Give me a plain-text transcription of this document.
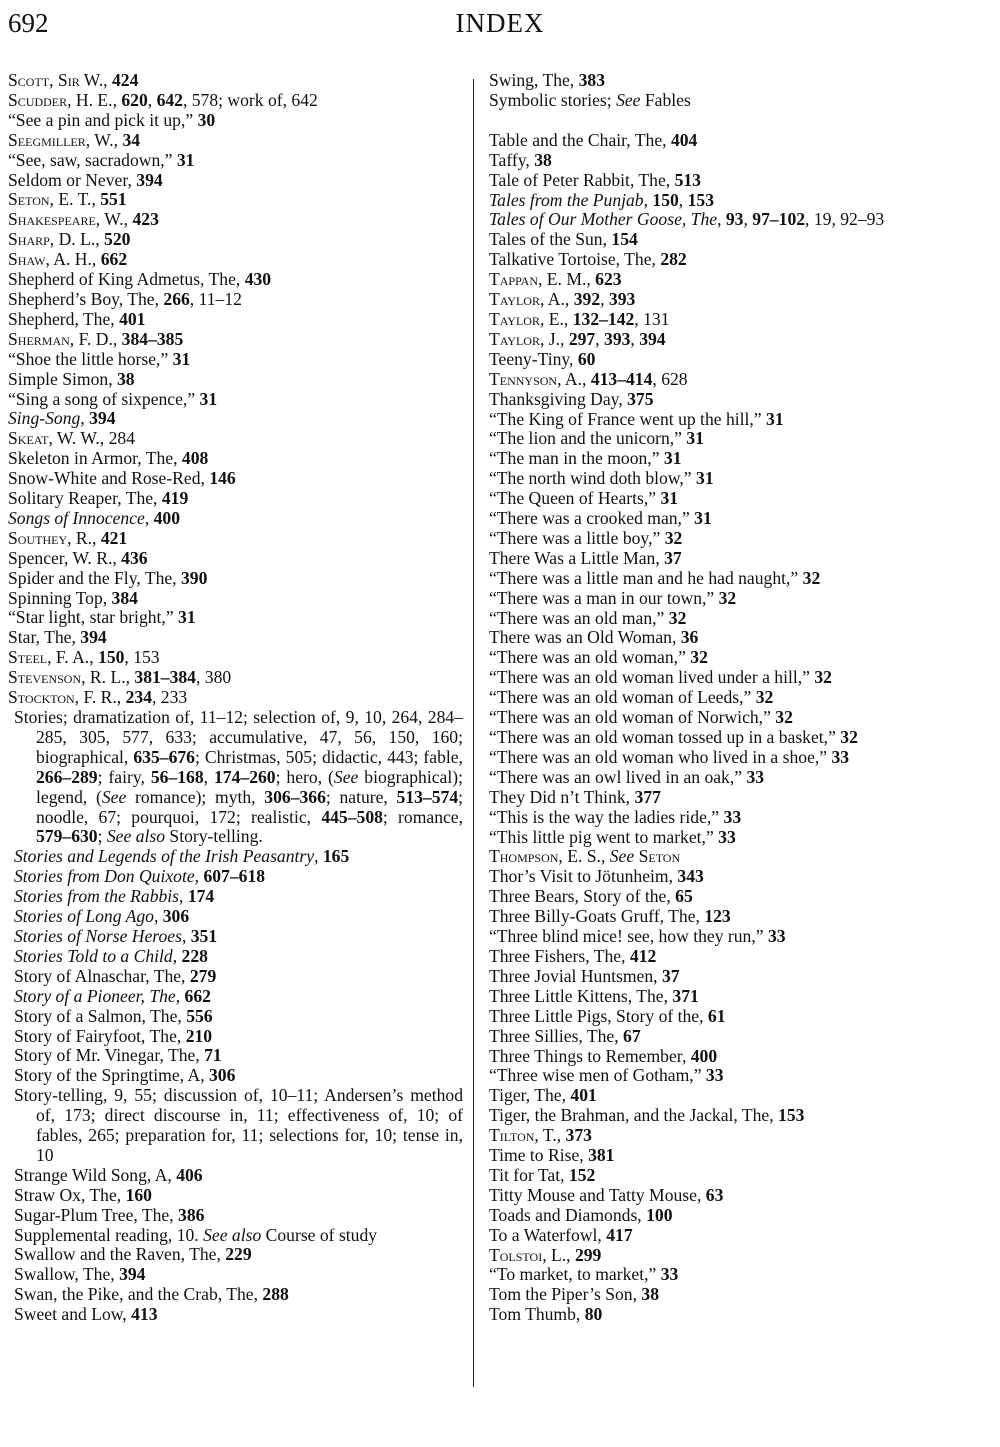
692	INDEX
Scott, Sir W., 424
Scudder, H. E., 620, 642, 578; work of, 642
“See a pin and pick it up,” 30
Seegmiller, W., 34
“See, saw, sacradown,” 31
Seldom or Never, 394
Seton, E. T., 551
Shakespeare, W., 423
Sharp, D. L., 520
Shaw, A. H., 662
Shepherd of King Admetus, The, 430
Shepherd’s Boy, The, 266, 11–12
Shepherd, The, 401
Sherman, F. D., 384–385
“Shoe the little horse,” 31
Simple Simon, 38
“Sing a song of sixpence,” 31
Sing-Song, 394
Skeat, W. W., 284
Skeleton in Armor, The, 408
Snow-White and Rose-Red, 146
Solitary Reaper, The, 419
Songs of Innocence, 400
Southey, R., 421
Spencer, W. R., 436
Spider and the Fly, The, 390
Spinning Top, 384
“Star light, star bright,” 31
Star, The, 394
Steel, F. A., 150, 153
Stevenson, R. L., 381–384, 380
Stockton, F. R., 234, 233
Stories; dramatization of, 11–12; selection of, 9, 10, 264, 284–285, 305, 577, 633; accumulative, 47, 56, 150, 160; biographical, 635–676; Christmas, 505; didactic, 443; fable, 266–289; fairy, 56–168, 174–260; hero, (See biographical); legend, (See romance); myth, 306–366; nature, 513–574; noodle, 67; pourquoi, 172; realistic, 445–508; romance, 579–630; See also Story-telling.
Stories and Legends of the Irish Peasantry, 165
Stories from Don Quixote, 607–618
Stories from the Rabbis, 174
Stories of Long Ago, 306
Stories of Norse Heroes, 351
Stories Told to a Child, 228
Story of Alnaschar, The, 279
Story of a Pioneer, The, 662
Story of a Salmon, The, 556
Story of Fairyfoot, The, 210
Story of Mr. Vinegar, The, 71
Story of the Springtime, A, 306
Story-telling, 9, 55; discussion of, 10–11; Andersen’s method of, 173; direct discourse in, 11; effectiveness of, 10; of fables, 265; preparation for, 11; selections for, 10; tense in, 10
Strange Wild Song, A, 406
Straw Ox, The, 160
Sugar-Plum Tree, The, 386
Supplemental reading, 10. See also Course of study
Swallow and the Raven, The, 229
Swallow, The, 394
Swan, the Pike, and the Crab, The, 288
Sweet and Low, 413
Swing, The, 383
Symbolic stories; See Fables
Table and the Chair, The, 404
Taffy, 38
Tale of Peter Rabbit, The, 513
Tales from the Punjab, 150, 153
Tales of Our Mother Goose, The, 93, 97–102, 19, 92–93
Tales of the Sun, 154
Talkative Tortoise, The, 282
Tappan, E. M., 623
Taylor, A., 392, 393
Taylor, E., 132–142, 131
Taylor, J., 297, 393, 394
Teeny-Tiny, 60
Tennyson, A., 413–414, 628
Thanksgiving Day, 375
“The King of France went up the hill,” 31
“The lion and the unicorn,” 31
“The man in the moon,” 31
“The north wind doth blow,” 31
“The Queen of Hearts,” 31
“There was a crooked man,” 31
“There was a little boy,” 32
There Was a Little Man, 37
“There was a little man and he had naught,” 32
“There was a man in our town,” 32
“There was an old man,” 32
There was an Old Woman, 36
“There was an old woman,” 32
“There was an old woman lived under a hill,” 32
“There was an old woman of Leeds,” 32
“There was an old woman of Norwich,” 32
“There was an old woman tossed up in a basket,” 32
“There was an old woman who lived in a shoe,” 33
“There was an owl lived in an oak,” 33
They Did n’t Think, 377
“This is the way the ladies ride,” 33
“This little pig went to market,” 33
Thompson, E. S., See Seton
Thor’s Visit to Jötunheim, 343
Three Bears, Story of the, 65
Three Billy-Goats Gruff, The, 123
“Three blind mice! see, how they run,” 33
Three Fishers, The, 412
Three Jovial Huntsmen, 37
Three Little Kittens, The, 371
Three Little Pigs, Story of the, 61
Three Sillies, The, 67
Three Things to Remember, 400
“Three wise men of Gotham,” 33
Tiger, The, 401
Tiger, the Brahman, and the Jackal, The, 153
Tilton, T., 373
Time to Rise, 381
Tit for Tat, 152
Titty Mouse and Tatty Mouse, 63
Toads and Diamonds, 100
To a Waterfowl, 417
Tolstoi, L., 299
“To market, to market,” 33
Tom the Piper’s Son, 38
Tom Thumb, 80
